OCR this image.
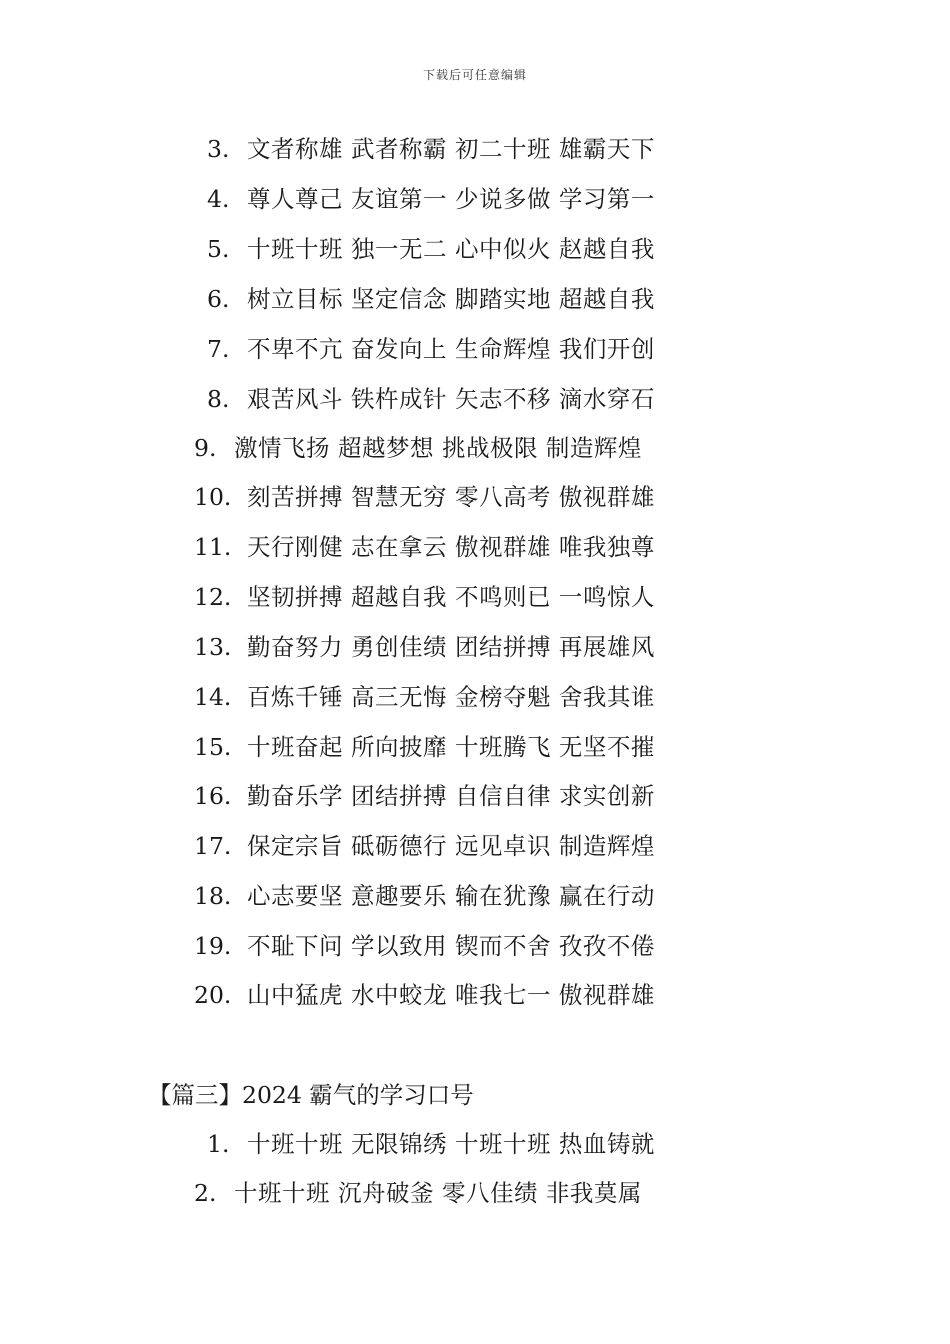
下载后可任意编辑
3. 文者称雄 武者称霸 初二十班 雄霸天下
4. 尊人尊己 友谊第一 少说多做 学习第一
5. 十班十班 独一无二 心中似火 赵越自我
6. 树立目标 坚定信念 脚踏实地 超越自我
7. 不卑不亢 奋发向上 生命辉煌 我们开创
8. 艰苦风斗 铁杵成针 矢志不移 滴水穿石
9. 激情飞扬 超越梦想 挑战极限 制造辉煌
10. 刻苦拼搏 智慧无穷 零八高考 傲视群雄
11. 天行刚健 志在拿云 傲视群雄 唯我独尊
12. 坚韧拼搏 超越自我 不鸣则已 一鸣惊人
13. 勤奋努力 勇创佳绩 团结拼搏 再展雄风
14. 百炼千锤 高三无悔 金榜夺魁 舍我其谁
15. 十班奋起 所向披靡 十班腾飞 无坚不摧
16. 勤奋乐学 团结拼搏 自信自律 求实创新
17. 保定宗旨 砥砺德行 远见卓识 制造辉煌
18. 心志要坚 意趣要乐 输在犹豫 赢在行动
19. 不耻下问 学以致用 锲而不舍 孜孜不倦
20. 山中猛虎 水中蛟龙 唯我七一 傲视群雄
【篇三】2024 霸气的学习口号
1. 十班十班 无限锦绣 十班十班 热血铸就
2. 十班十班 沉舟破釜 零八佳绩 非我莫属
